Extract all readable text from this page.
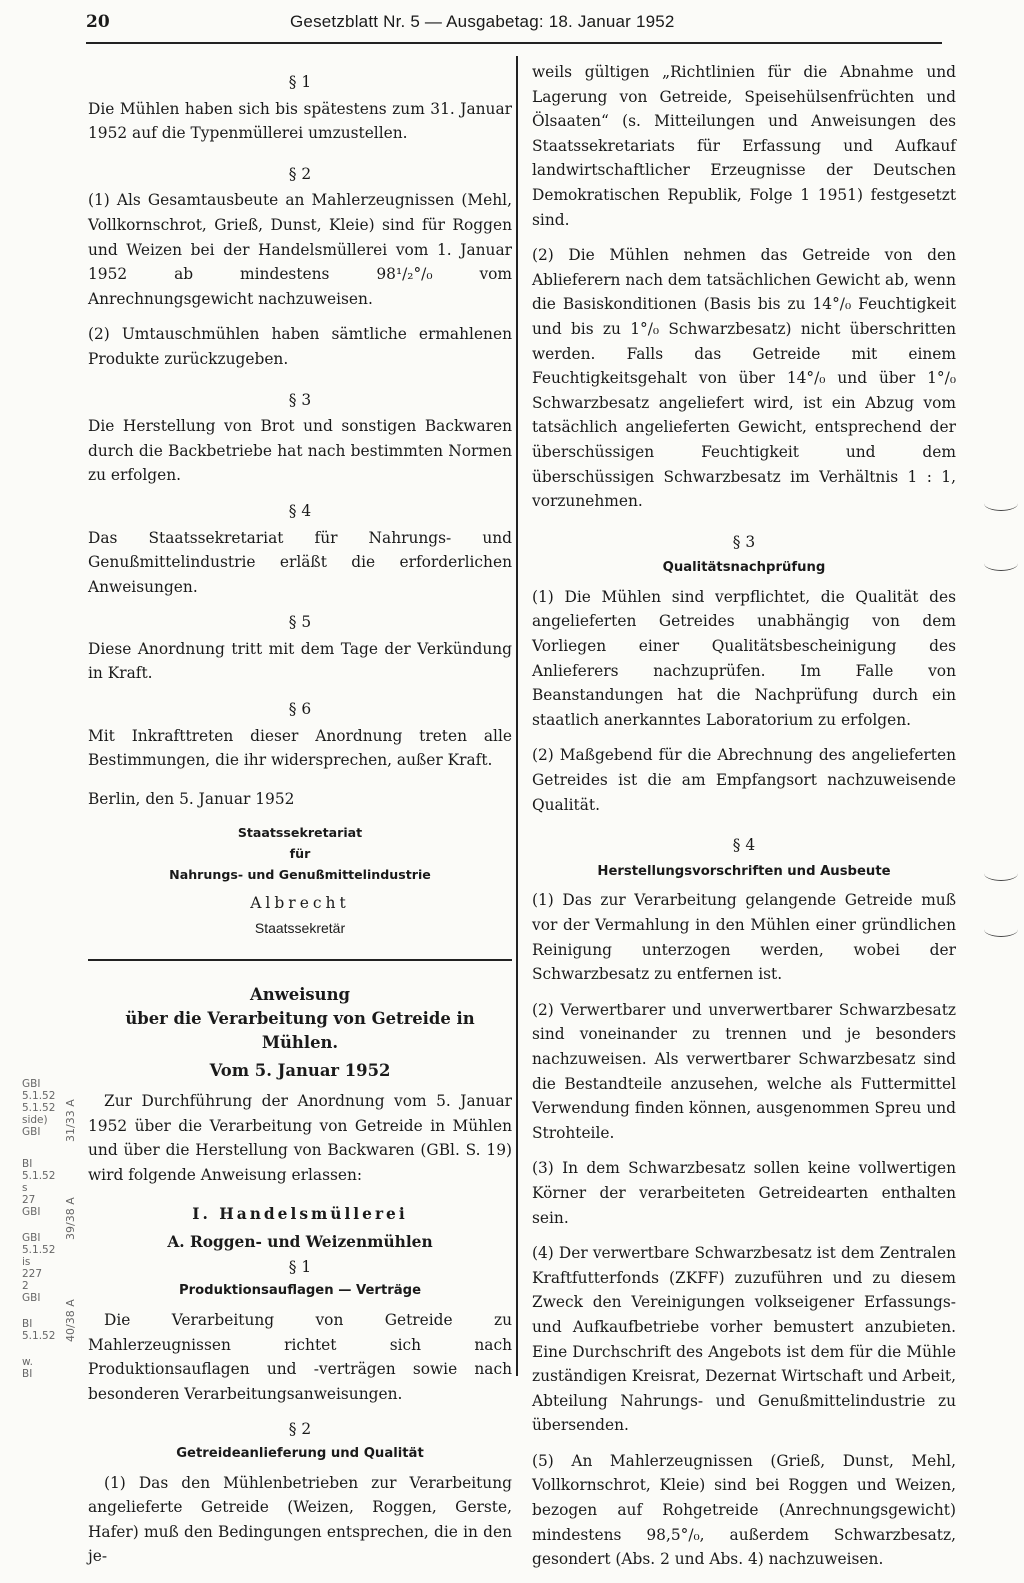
20	Gesetzblatt Nr. 5 — Ausgabetag: 18. Januar 1952
§ 1

Die Mühlen haben sich bis spätestens zum 31. Januar 1952 auf die Typenmüllerei umzustellen.

§ 2

(1) Als Gesamtausbeute an Mahlerzeugnissen (Mehl, Vollkornschrot, Grieß, Dunst, Kleie) sind für Roggen und Weizen bei der Handelsmüllerei vom 1. Januar 1952 ab mindestens 98¹/₂°/₀ vom Anrechnungsgewicht nachzuweisen.

(2) Umtauschmühlen haben sämtliche ermahlenen Produkte zurückzugeben.

§ 3

Die Herstellung von Brot und sonstigen Backwaren durch die Backbetriebe hat nach bestimmten Normen zu erfolgen.

§ 4

Das Staatssekretariat für Nahrungs- und Genußmittelindustrie erläßt die erforderlichen Anweisungen.

§ 5

Diese Anordnung tritt mit dem Tage der Verkündung in Kraft.

§ 6

Mit Inkrafttreten dieser Anordnung treten alle Bestimmungen, die ihr widersprechen, außer Kraft.

Berlin, den 5. Januar 1952

Staatssekretariat
für
Nahrungs- und Genußmittelindustrie
Albrecht
Staatssekretär
Anweisung
über die Verarbeitung von Getreide in Mühlen.
Vom 5. Januar 1952

Zur Durchführung der Anordnung vom 5. Januar 1952 über die Verarbeitung von Getreide in Mühlen und über die Herstellung von Backwaren (GBl. S. 19) wird folgende Anweisung erlassen:

I. Handelsmüllerei
A. Roggen- und Weizenmühlen
§ 1
Produktionsauflagen — Verträge

Die Verarbeitung von Getreide zu Mahlerzeugnissen richtet sich nach Produktionsauflagen und -verträgen sowie nach besonderen Verarbeitungsanweisungen.

§ 2
Getreideanlieferung und Qualität

(1) Das den Mühlenbetrieben zur Verarbeitung angelieferte Getreide (Weizen, Roggen, Gerste, Hafer) muß den Bedingungen entsprechen, die in den je-

weils gültigen „Richtlinien für die Abnahme und Lagerung von Getreide, Speisehülsenfrüchten und Ölsaaten“ (s. Mitteilungen und Anweisungen des Staatssekretariats für Erfassung und Aufkauf landwirtschaftlicher Erzeugnisse der Deutschen Demokratischen Republik, Folge 1 1951) festgesetzt sind.

(2) Die Mühlen nehmen das Getreide von den Ablieferern nach dem tatsächlichen Gewicht ab, wenn die Basiskonditionen (Basis bis zu 14°/₀ Feuchtigkeit und bis zu 1°/₀ Schwarzbesatz) nicht überschritten werden. Falls das Getreide mit einem Feuchtigkeitsgehalt von über 14°/₀ und über 1°/₀ Schwarzbesatz angeliefert wird, ist ein Abzug vom tatsächlich angelieferten Gewicht, entsprechend der überschüssigen Feuchtigkeit und dem überschüssigen Schwarzbesatz im Verhältnis 1 : 1, vorzunehmen.

§ 3
Qualitätsnachprüfung

(1) Die Mühlen sind verpflichtet, die Qualität des angelieferten Getreides unabhängig von dem Vorliegen einer Qualitätsbescheinigung des Anlieferers nachzuprüfen. Im Falle von Beanstandungen hat die Nachprüfung durch ein staatlich anerkanntes Laboratorium zu erfolgen.

(2) Maßgebend für die Abrechnung des angelieferten Getreides ist die am Empfangsort nachzuweisende Qualität.

§ 4
Herstellungsvorschriften und Ausbeute

(1) Das zur Verarbeitung gelangende Getreide muß vor der Vermahlung in den Mühlen einer gründlichen Reinigung unterzogen werden, wobei der Schwarzbesatz zu entfernen ist.

(2) Verwertbarer und unverwertbarer Schwarzbesatz sind voneinander zu trennen und je besonders nachzuweisen. Als verwertbarer Schwarzbesatz sind die Bestandteile anzusehen, welche als Futtermittel Verwendung finden können, ausgenommen Spreu und Strohteile.

(3) In dem Schwarzbesatz sollen keine vollwertigen Körner der verarbeiteten Getreidearten enthalten sein.

(4) Der verwertbare Schwarzbesatz ist dem Zentralen Kraftfutterfonds (ZKFF) zuzuführen und zu diesem Zweck den Vereinigungen volkseigener Erfassungs- und Aufkaufbetriebe vorher bemustert anzubieten. Eine Durchschrift des Angebots ist dem für die Mühle zuständigen Kreisrat, Dezernat Wirtschaft und Arbeit, Abteilung Nahrungs- und Genußmittelindustrie zu übersenden.

(5) An Mahlerzeugnissen (Grieß, Dunst, Mehl, Vollkornschrot, Kleie) sind bei Roggen und Weizen, bezogen auf Rohgetreide (Anrechnungsgewicht) mindestens 98,5°/₀, außerdem Schwarzbesatz, gesondert (Abs. 2 und Abs. 4) nachzuweisen.

GBI
5.1.52
5.1.52
side)
GBI
BI
5.1.52
s
27
GBI
GBI
5.1.52
is
227
2
GBI
BI
5.1.52
w.
BI
31/33 A
39/38 A
40/38 A
